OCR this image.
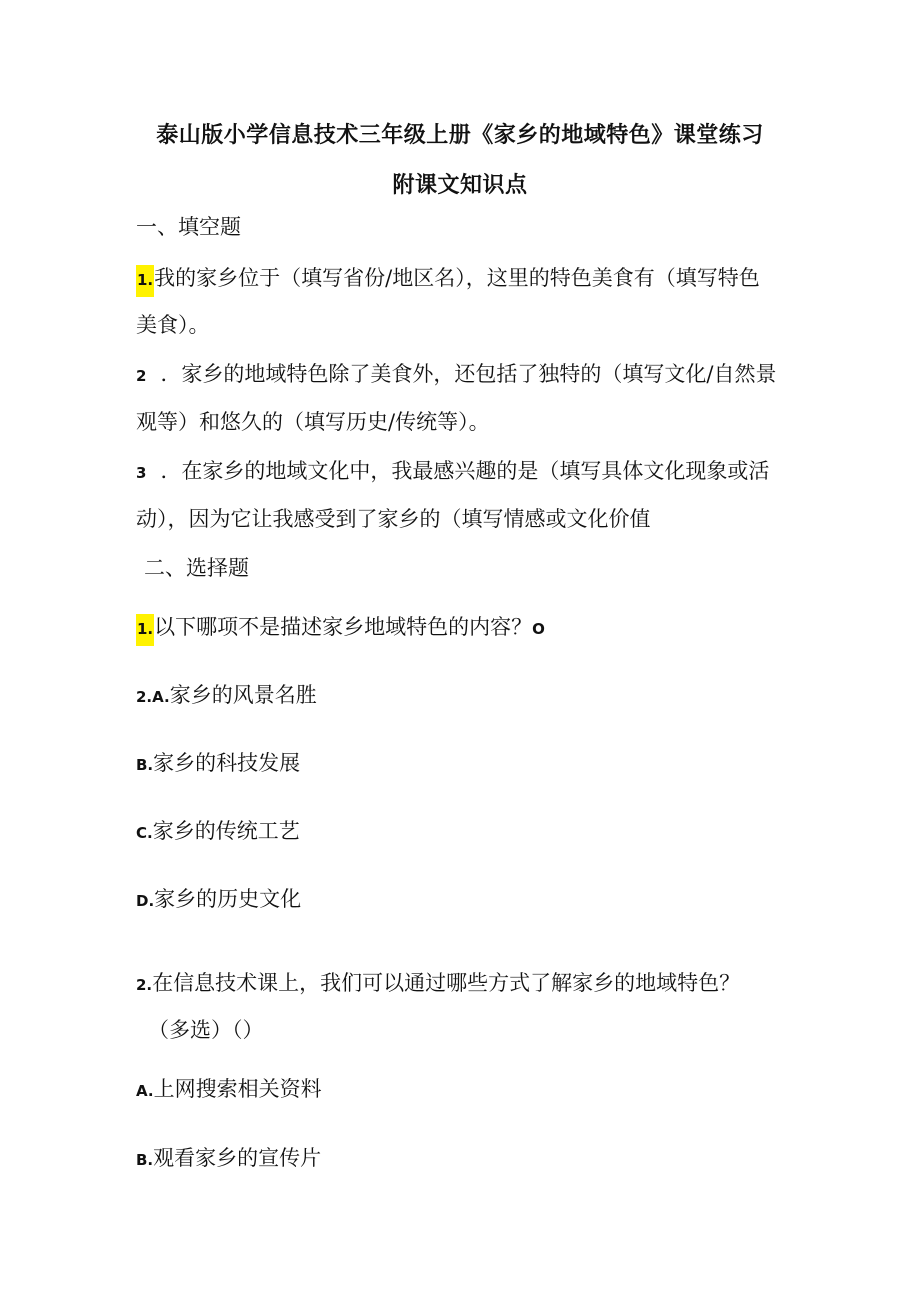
泰山版小学信息技术三年级上册《家乡的地域特色》课堂练习
附课文知识点
一、填空题
1.我的家乡位于（填写省份/地区名），这里的特色美食有（填写特色
美食）。
2 ．家乡的地域特色除了美食外，还包括了独特的（填写文化/自然景
观等）和悠久的（填写历史/传统等）。
3 ．在家乡的地域文化中，我最感兴趣的是（填写具体文化现象或活
动），因为它让我感受到了家乡的（填写情感或文化价值
二、选择题
1.以下哪项不是描述家乡地域特色的内容？O
2.A.家乡的风景名胜
B.家乡的科技发展
C.家乡的传统工艺
D.家乡的历史文化
2.在信息技术课上，我们可以通过哪些方式了解家乡的地域特色？
（多选）（）
A.上网搜索相关资料
B.观看家乡的宣传片
